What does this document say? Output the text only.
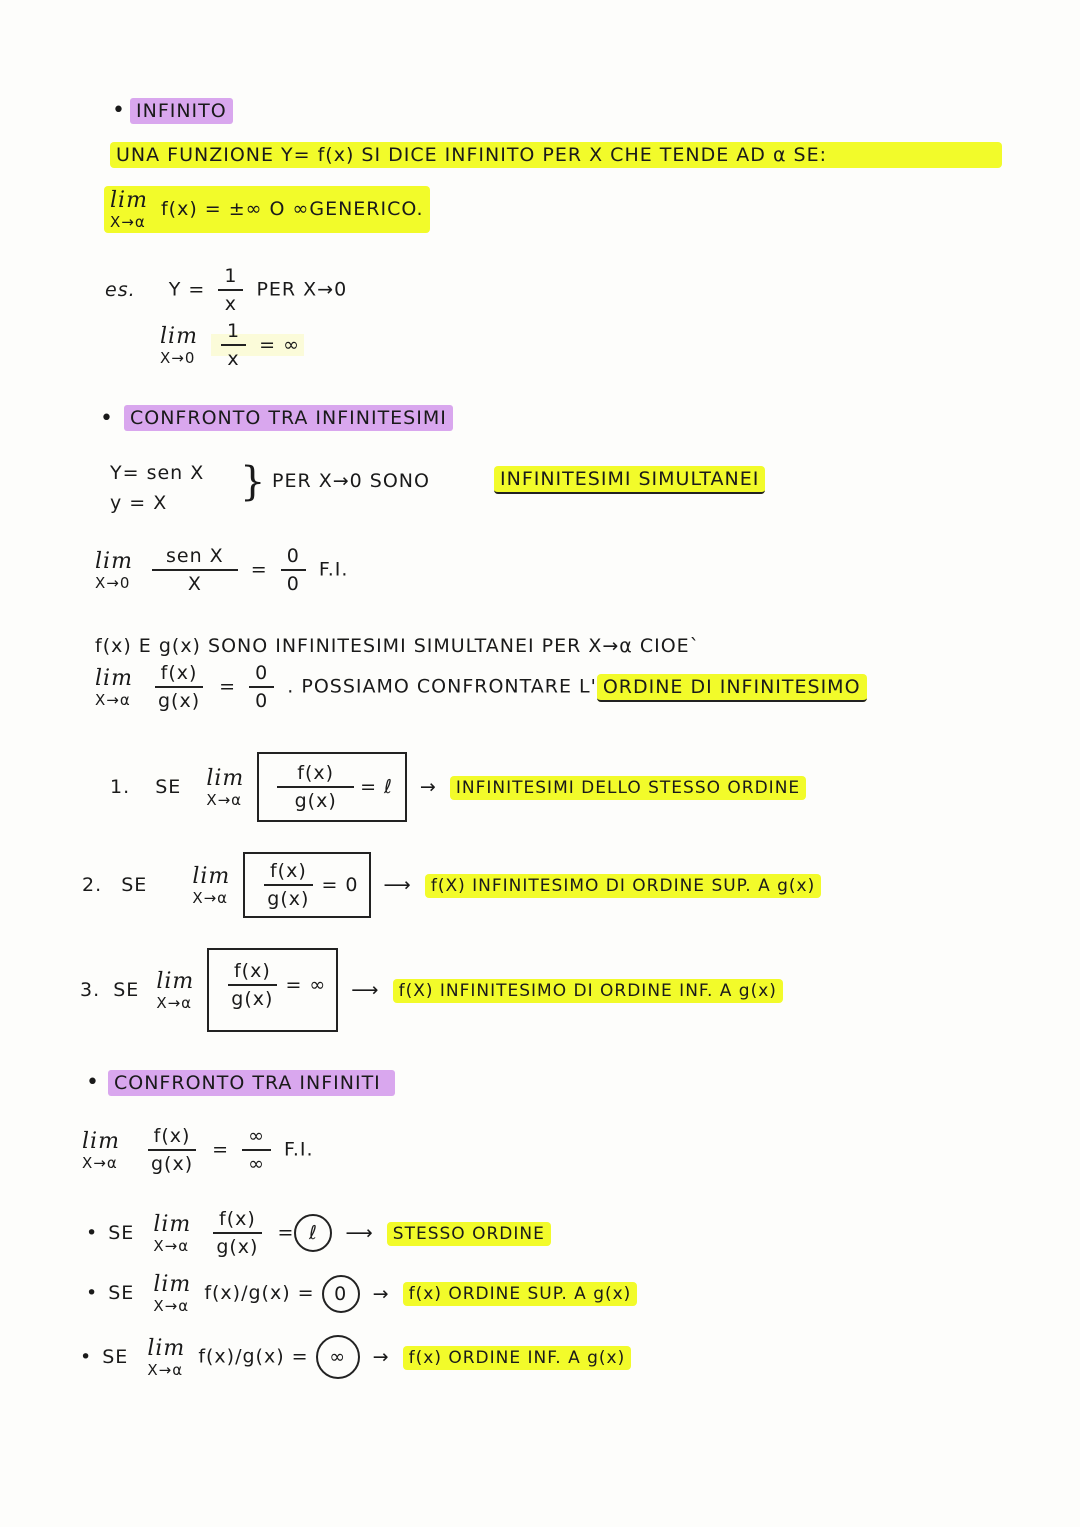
• INFINITO
UNA FUNZIONE Y= f(x) SI DICE INFINITO PER X CHE TENDE AD α SE:
lim
X→α
f(x) = ±∞ O ∞GENERICO.
es. $Y = \frac{1}{x}$ PER X→0
lim
X→0
$\frac{1}{x}$ = ∞
• CONFRONTO TRA INFINITESIMI
Y= sen X
y = X } PER X→0 SONO	INFINITESIMI SIMULTANEI
lim
X→0
$\frac{\text{sen X}}{X} = \frac{0}{0} F.I$.
f(x) E g(x) SONO INFINITESIMI SIMULTANEI PER X→α CIOE`
lim
X→α
$\frac{f(x)}{g(x)} = \frac{0}{0}$ . POSSIAMO CONFRONTARE L' ORDINE DI INFINITESIMO
1. SE lim
X→α
$\frac{f(x)}{g(x)}$ = ℓ → INFINITESIMI DELLO STESSO ORDINE
2. SE lim
X→α
$\frac{f(x)}{g(x)} = 0$ ⟶ f(X) INFINITESIMO DI ORDINE SUP. A g(x)
3. SE lim
X→α
$\frac{f(x)}{g(x)}$ = ∞ ⟶ f(X) INFINITESIMO DI ORDINE INF. A g(x)
• CONFRONTO TRA INFINITI
lim
X→α
$\frac{f(x)}{g(x)} = \frac{\infty}{\infty} F.I$.
• SE lim
X→α
$\frac{f(x)}{g(x)}$ = ℓ ⟶ STESSO ORDINE
• SE lim
X→α
f(x)/g(x) = 0 → f(x) ORDINE SUP. A g(x)
• SE lim
X→α
f(x)/g(x) = ∞ → f(x) ORDINE INF. A g(x)
